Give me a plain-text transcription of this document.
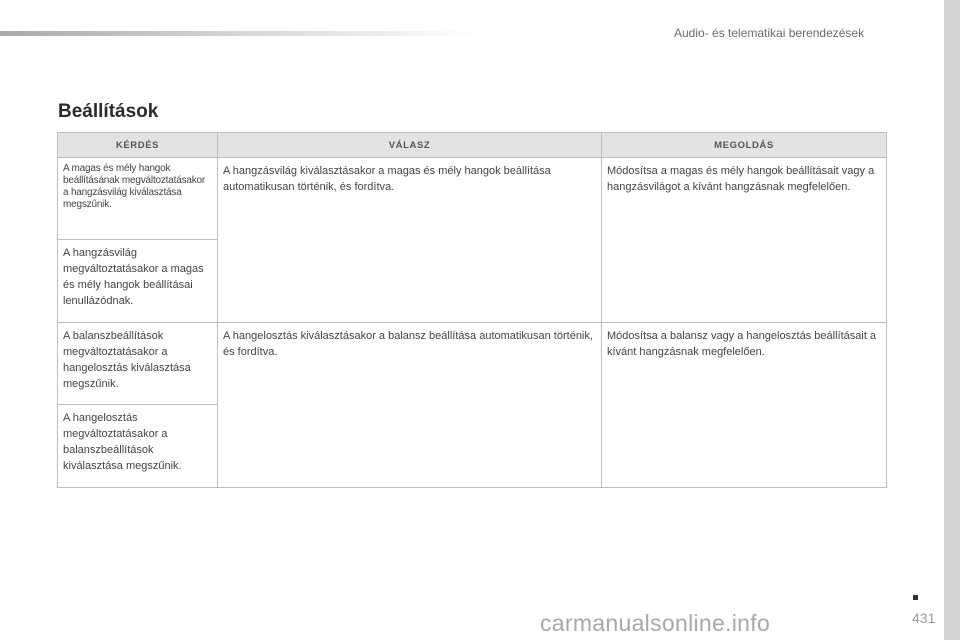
Audio- és telematikai berendezések
Beállítások
KÉRDÉS	VÁLASZ	MEGOLDÁS
A magas és mély hangok beállításának megváltoztatásakor a hangzásvilág kiválasztása megszűnik.	A hangzásvilág kiválasztásakor a magas és mély hangok beállítása automatikusan történik, és fordítva.	Módosítsa a magas és mély hangok beállításait vagy a hangzásvilágot a kívánt hangzásnak megfelelően.
A hangzásvilág megváltoztatásakor a magas és mély hangok beállításai lenullázódnak.		
A balanszbeállítások megváltoztatásakor a hangelosztás kiválasztása megszűnik.	A hangelosztás kiválasztásakor a balansz beállítása automatikusan történik, és fordítva.	Módosítsa a balansz vagy a hangelosztás beállításait a kívánt hangzásnak megfelelően.
A hangelosztás megváltoztatásakor a balanszbeállítások kiválasztása megszűnik.		
431
carmanualsonline.info
